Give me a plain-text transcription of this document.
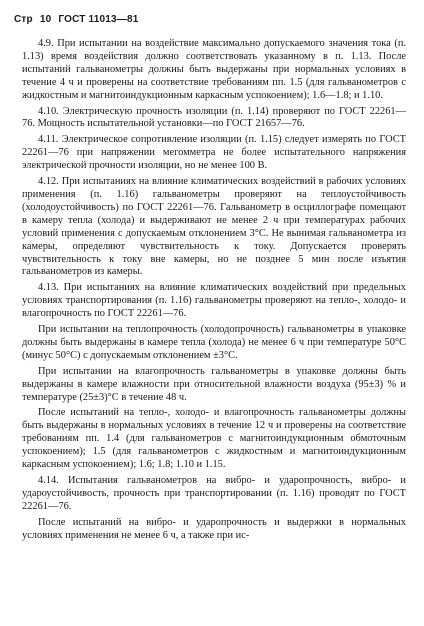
Стр 10 ГОСТ 11013—81

4.9. При испытании на воздействие максимально допускаемого значения тока (п. 1.13) время воздействия должно соответствовать указанному в п. 1.13. После испытаний гальванометры должны быть выдержаны при нормальных условиях в течение 4 ч и проверены на соответствие требованиям пп. 1.5 (для гальванометров с жидкостным и магнитоиндукционным каркасным успокоением); 1.6—1.8; и 1.10.

4.10. Электрическую прочность изоляции (п. 1.14) проверяют по ГОСТ 22261—76. Мощность испытательной установки—по ГОСТ 21657—76.

4.11. Электрическое сопротивление изоляции (п. 1.15) следует измерять по ГОСТ 22261—76 при напряжении мегомметра не более испытательного напряжения электрической прочности изоляции, но не менее 100 В.

4.12. При испытаниях на влияние климатических воздействий в рабочих условиях применения (п. 1.16) гальванометры проверяют на теплоустойчивость (холодоустойчивость) по ГОСТ 22261—76. Гальванометр в осциллографе помещают в камеру тепла (холода) и выдерживают не менее 2 ч при температурах рабочих условий применения с допускаемым отклонением 3°С. Не вынимая гальванометра из камеры, определяют чувствительность к току. Допускается проверять чувствительность к току вне камеры, но не позднее 5 мин после изъятия гальванометров из камеры.

4.13. При испытаниях на влияние климатических воздействий при предельных условиях транспортирования (п. 1.16) гальванометры проверяют на тепло-, холодо- и влагопрочность по ГОСТ 22261—76.

При испытании на теплопрочность (холодопрочность) гальванометры в упаковке должны быть выдержаны в камере тепла (холода) не менее 6 ч при температуре 50°С (минус 50°С) с допускаемым отклонением ±3°С.

При испытании на влагопрочность гальванометры в упаковке должны быть выдержаны в камере влажности при относительной влажности воздуха (95±3) % и температуре (25±3)°С в течение 48 ч.

После испытаний на тепло-, холодо- и влагопрочность гальванометры должны быть выдержаны в нормальных условиях в течение 12 ч и проверены на соответствие требованиям пп. 1.4 (для гальванометров с магнитоиндукционным обмоточным успокоением); 1.5 (для гальванометров с жидкостным и магнитоиндукционным каркасным успокоением); 1.6; 1.8; 1.10 и 1.15.

4.14. Испытания гальванометров на вибро- и ударопрочность, вибро- и удароустойчивость, прочность при транспортировании (п. 1.16) проводят по ГОСТ 22261—76.

После испытаний на вибро- и ударопрочность и выдержки в нормальных условиях применения не менее 6 ч, а также при ис-
